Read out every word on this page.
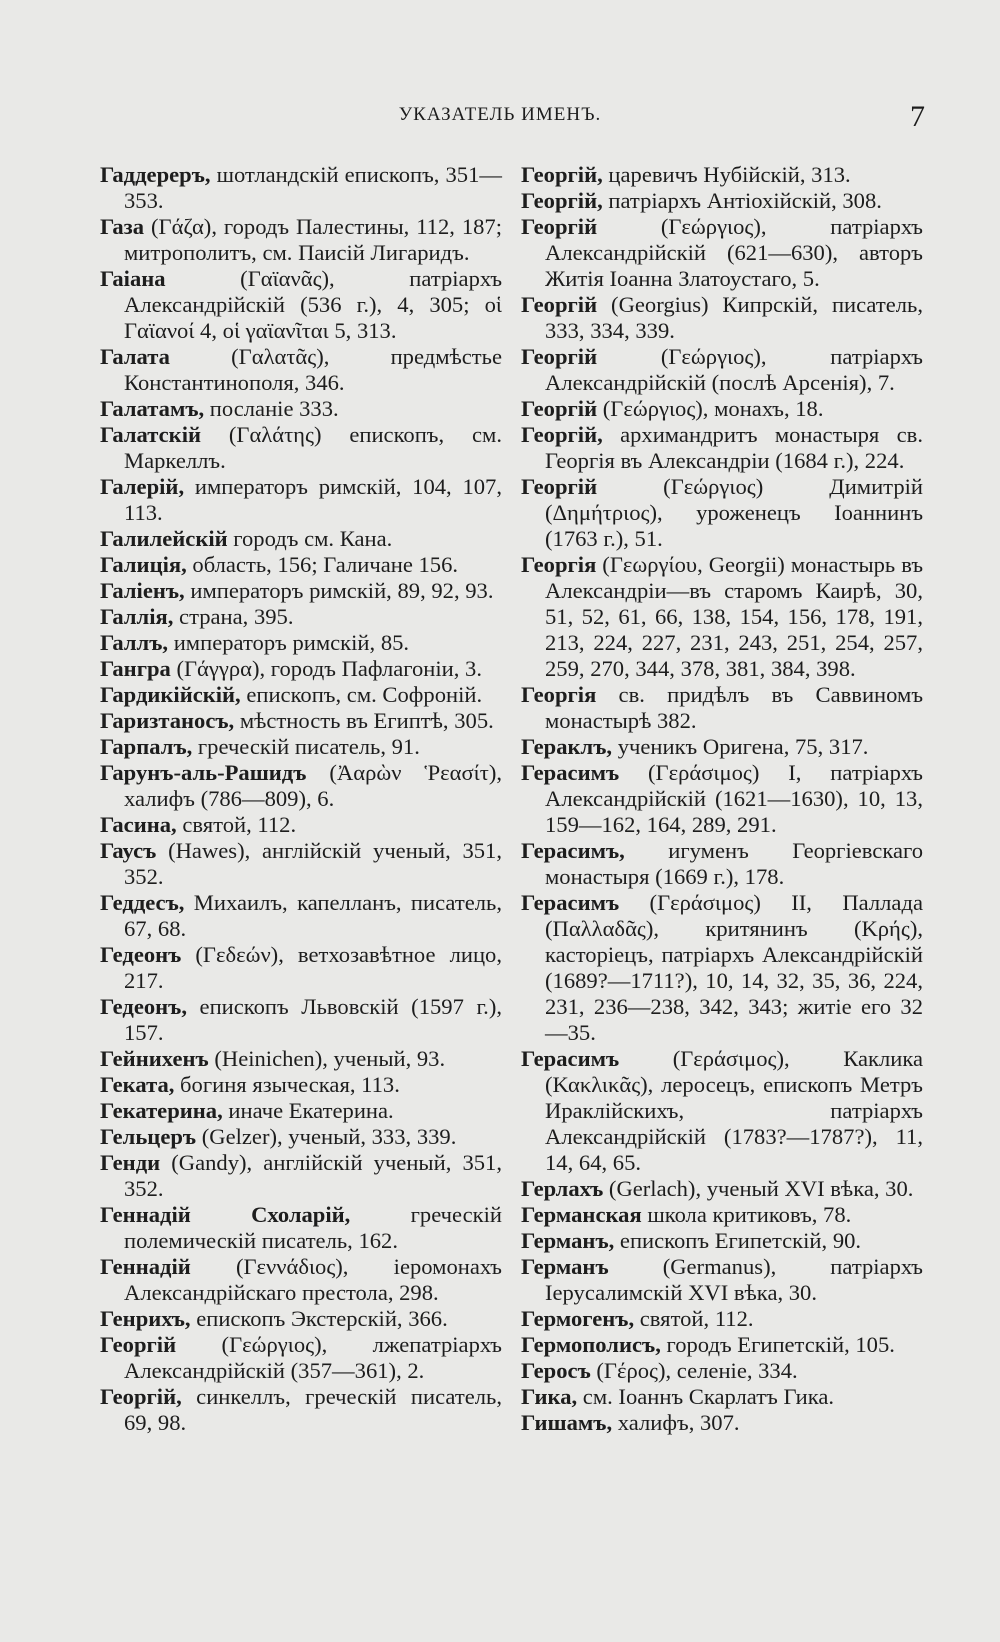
УКАЗАТЕЛЬ ИМЕНЪ.	7

Гаддереръ, шотландскій епископъ, 351—353.

Газа (Γάζα), городъ Палестины, 112, 187; митрополитъ, см. Паисій Лигаридъ.

Гаіана (Γαϊανᾶς), патріархъ Александрійскій (536 г.), 4, 305; οἱ Γαϊανοί 4, οἱ γαϊανῖται 5, 313.

Галата (Γαλατᾶς), предмѣстье Константинополя, 346.

Галатамъ, посланіе 333.

Галатскій (Γαλάτης) епископъ, см. Маркеллъ.

Галерій, императоръ римскій, 104, 107, 113.

Галилейскій городъ см. Кана.

Галиція, область, 156; Галичане 156.

Галіенъ, императоръ римскій, 89, 92, 93.

Галлія, страна, 395.

Галлъ, императоръ римскій, 85.

Гангра (Γάγγρα), городъ Пафлагоніи, 3.

Гардикійскій, епископъ, см. Софроній.

Гаризтаносъ, мѣстность въ Египтѣ, 305.

Гарпалъ, греческій писатель, 91.

Гарунъ-аль-Рашидъ (Ἀαρὼν Ῥεασίτ), халифъ (786—809), 6.

Гасина, святой, 112.

Гаусъ (Hawes), англійскій ученый, 351, 352.

Геддесъ, Михаилъ, капелланъ, писатель, 67, 68.

Гедеонъ (Γεδεών), ветхозавѣтное лицо, 217.

Гедеонъ, епископъ Львовскій (1597 г.), 157.

Гейнихенъ (Heinichen), ученый, 93.

Геката, богиня языческая, 113.

Гекатерина, иначе Екатерина.

Гельцеръ (Gelzer), ученый, 333, 339.

Генди (Gandy), англійскій ученый, 351, 352.

Геннадій Схоларій, греческій полемическій писатель, 162.

Геннадій (Γεννάδιος), іеромонахъ Александрійскаго престола, 298.

Генрихъ, епископъ Экстерскій, 366.

Георгій (Γεώργιος), лжепатріархъ Александрійскій (357—361), 2.

Георгій, синкеллъ, греческій писатель, 69, 98.

Георгій, царевичъ Нубійскій, 313.

Георгій, патріархъ Антіохійскій, 308.

Георгій (Γεώργιος), патріархъ Александрійскій (621—630), авторъ Житія Іоанна Златоустаго, 5.

Георгій (Georgius) Кипрскій, писатель, 333, 334, 339.

Георгій (Γεώργιος), патріархъ Александрійскій (послѣ Арсенія), 7.

Георгій (Γεώργιος), монахъ, 18.

Георгій, архимандритъ монастыря св. Георгія въ Александріи (1684 г.), 224.

Георгій (Γεώργιος) Димитрій (Δημήτριος), уроженецъ Іоаннинъ (1763 г.), 51.

Георгія (Γεωργίου, Georgii) монастырь въ Александріи—въ старомъ Каирѣ, 30, 51, 52, 61, 66, 138, 154, 156, 178, 191, 213, 224, 227, 231, 243, 251, 254, 257, 259, 270, 344, 378, 381, 384, 398.

Георгія св. придѣлъ въ Саввиномъ монастырѣ 382.

Гераклъ, ученикъ Оригена, 75, 317.

Герасимъ (Γεράσιμος) I, патріархъ Александрійскій (1621—1630), 10, 13, 159—162, 164, 289, 291.

Герасимъ, игуменъ Георгіевскаго монастыря (1669 г.), 178.

Герасимъ (Γεράσιμος) II, Паллада (Παλλαδᾶς), критянинъ (Κρής), касторіецъ, патріархъ Александрійскій (1689?—1711?), 10, 14, 32, 35, 36, 224, 231, 236—238, 342, 343; житіе его 32—35.

Герасимъ (Γεράσιμος), Каклика (Κακλικᾶς), леросецъ, епископъ Метръ Ираклійскихъ, патріархъ Александрійскій (1783?—1787?), 11, 14, 64, 65.

Герлахъ (Gerlach), ученый XVI вѣка, 30.

Германская школа критиковъ, 78.

Германъ, епископъ Египетскій, 90.

Германъ (Germanus), патріархъ Іерусалимскій XVI вѣка, 30.

Гермогенъ, святой, 112.

Гермополисъ, городъ Египетскій, 105.

Геросъ (Γέρος), селеніе, 334.

Гика, см. Іоаннъ Скарлатъ Гика.

Гишамъ, халифъ, 307.
